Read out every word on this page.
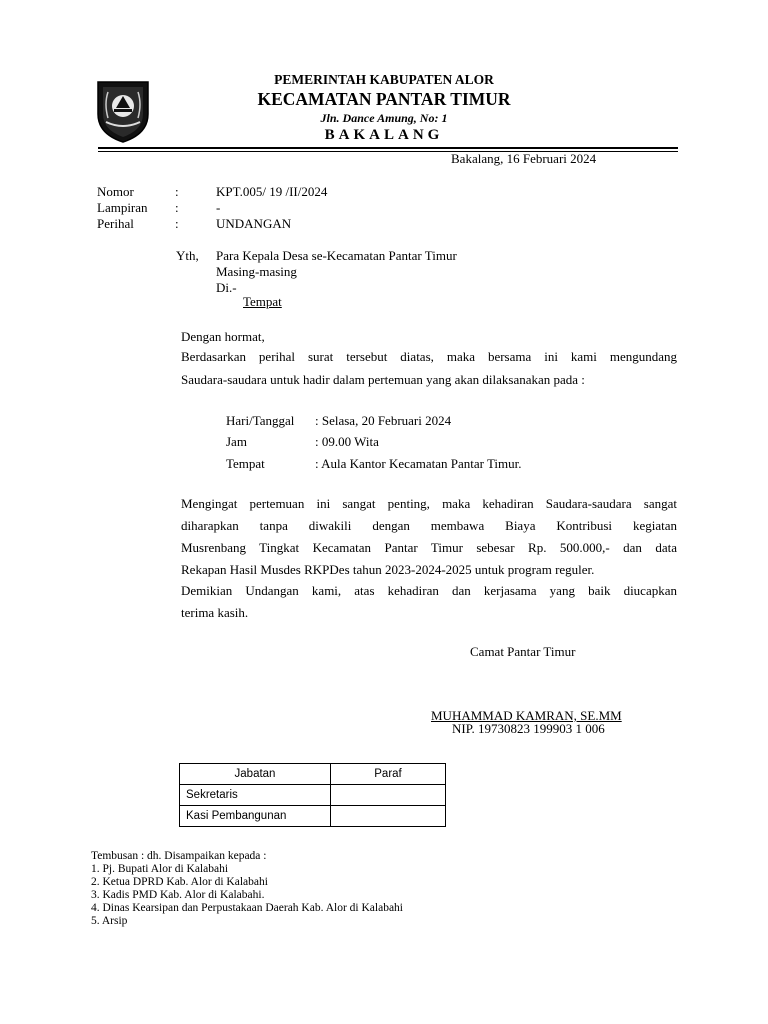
PEMERINTAH KABUPATEN ALOR
KECAMATAN PANTAR TIMUR
Jln. Dance Amung, No: 1
BAKALANG
Bakalang, 16 Februari 2024
Nomor	:	KPT.005/ 19 /II/2024
Lampiran :	-
Perihal	:	UNDANGAN
Yth, Para Kepala Desa se-Kecamatan Pantar Timur
Masing-masing
Di.-
Tempat
Dengan hormat,
Berdasarkan perihal surat tersebut diatas, maka bersama ini kami mengundang
Saudara-saudara untuk hadir dalam pertemuan yang akan dilaksanakan pada :
Hari/Tanggal : Selasa, 20 Februari 2024
Jam	: 09.00 Wita
Tempat	: Aula Kantor Kecamatan Pantar Timur.
Mengingat pertemuan ini sangat penting, maka kehadiran Saudara-saudara sangat
diharapkan tanpa diwakili dengan membawa Biaya Kontribusi kegiatan
Musrenbang Tingkat Kecamatan Pantar Timur sebesar Rp. 500.000,- dan data
Rekapan Hasil Musdes RKPDes tahun 2023-2024-2025 untuk program reguler.
Demikian Undangan kami, atas kehadiran dan kerjasama yang baik diucapkan
terima kasih.
Camat Pantar Timur
MUHAMMAD KAMRAN, SE.MM
NIP. 19730823 199903 1 006
Jabatan	Paraf
Sekretaris	
Kasi Pembangunan	
Tembusan : dh. Disampaikan kepada :
1. Pj. Bupati Alor di Kalabahi
2. Ketua DPRD Kab. Alor di Kalabahi
3. Kadis PMD Kab. Alor di Kalabahi.
4. Dinas Kearsipan dan Perpustakaan Daerah Kab. Alor di Kalabahi
5. Arsip
